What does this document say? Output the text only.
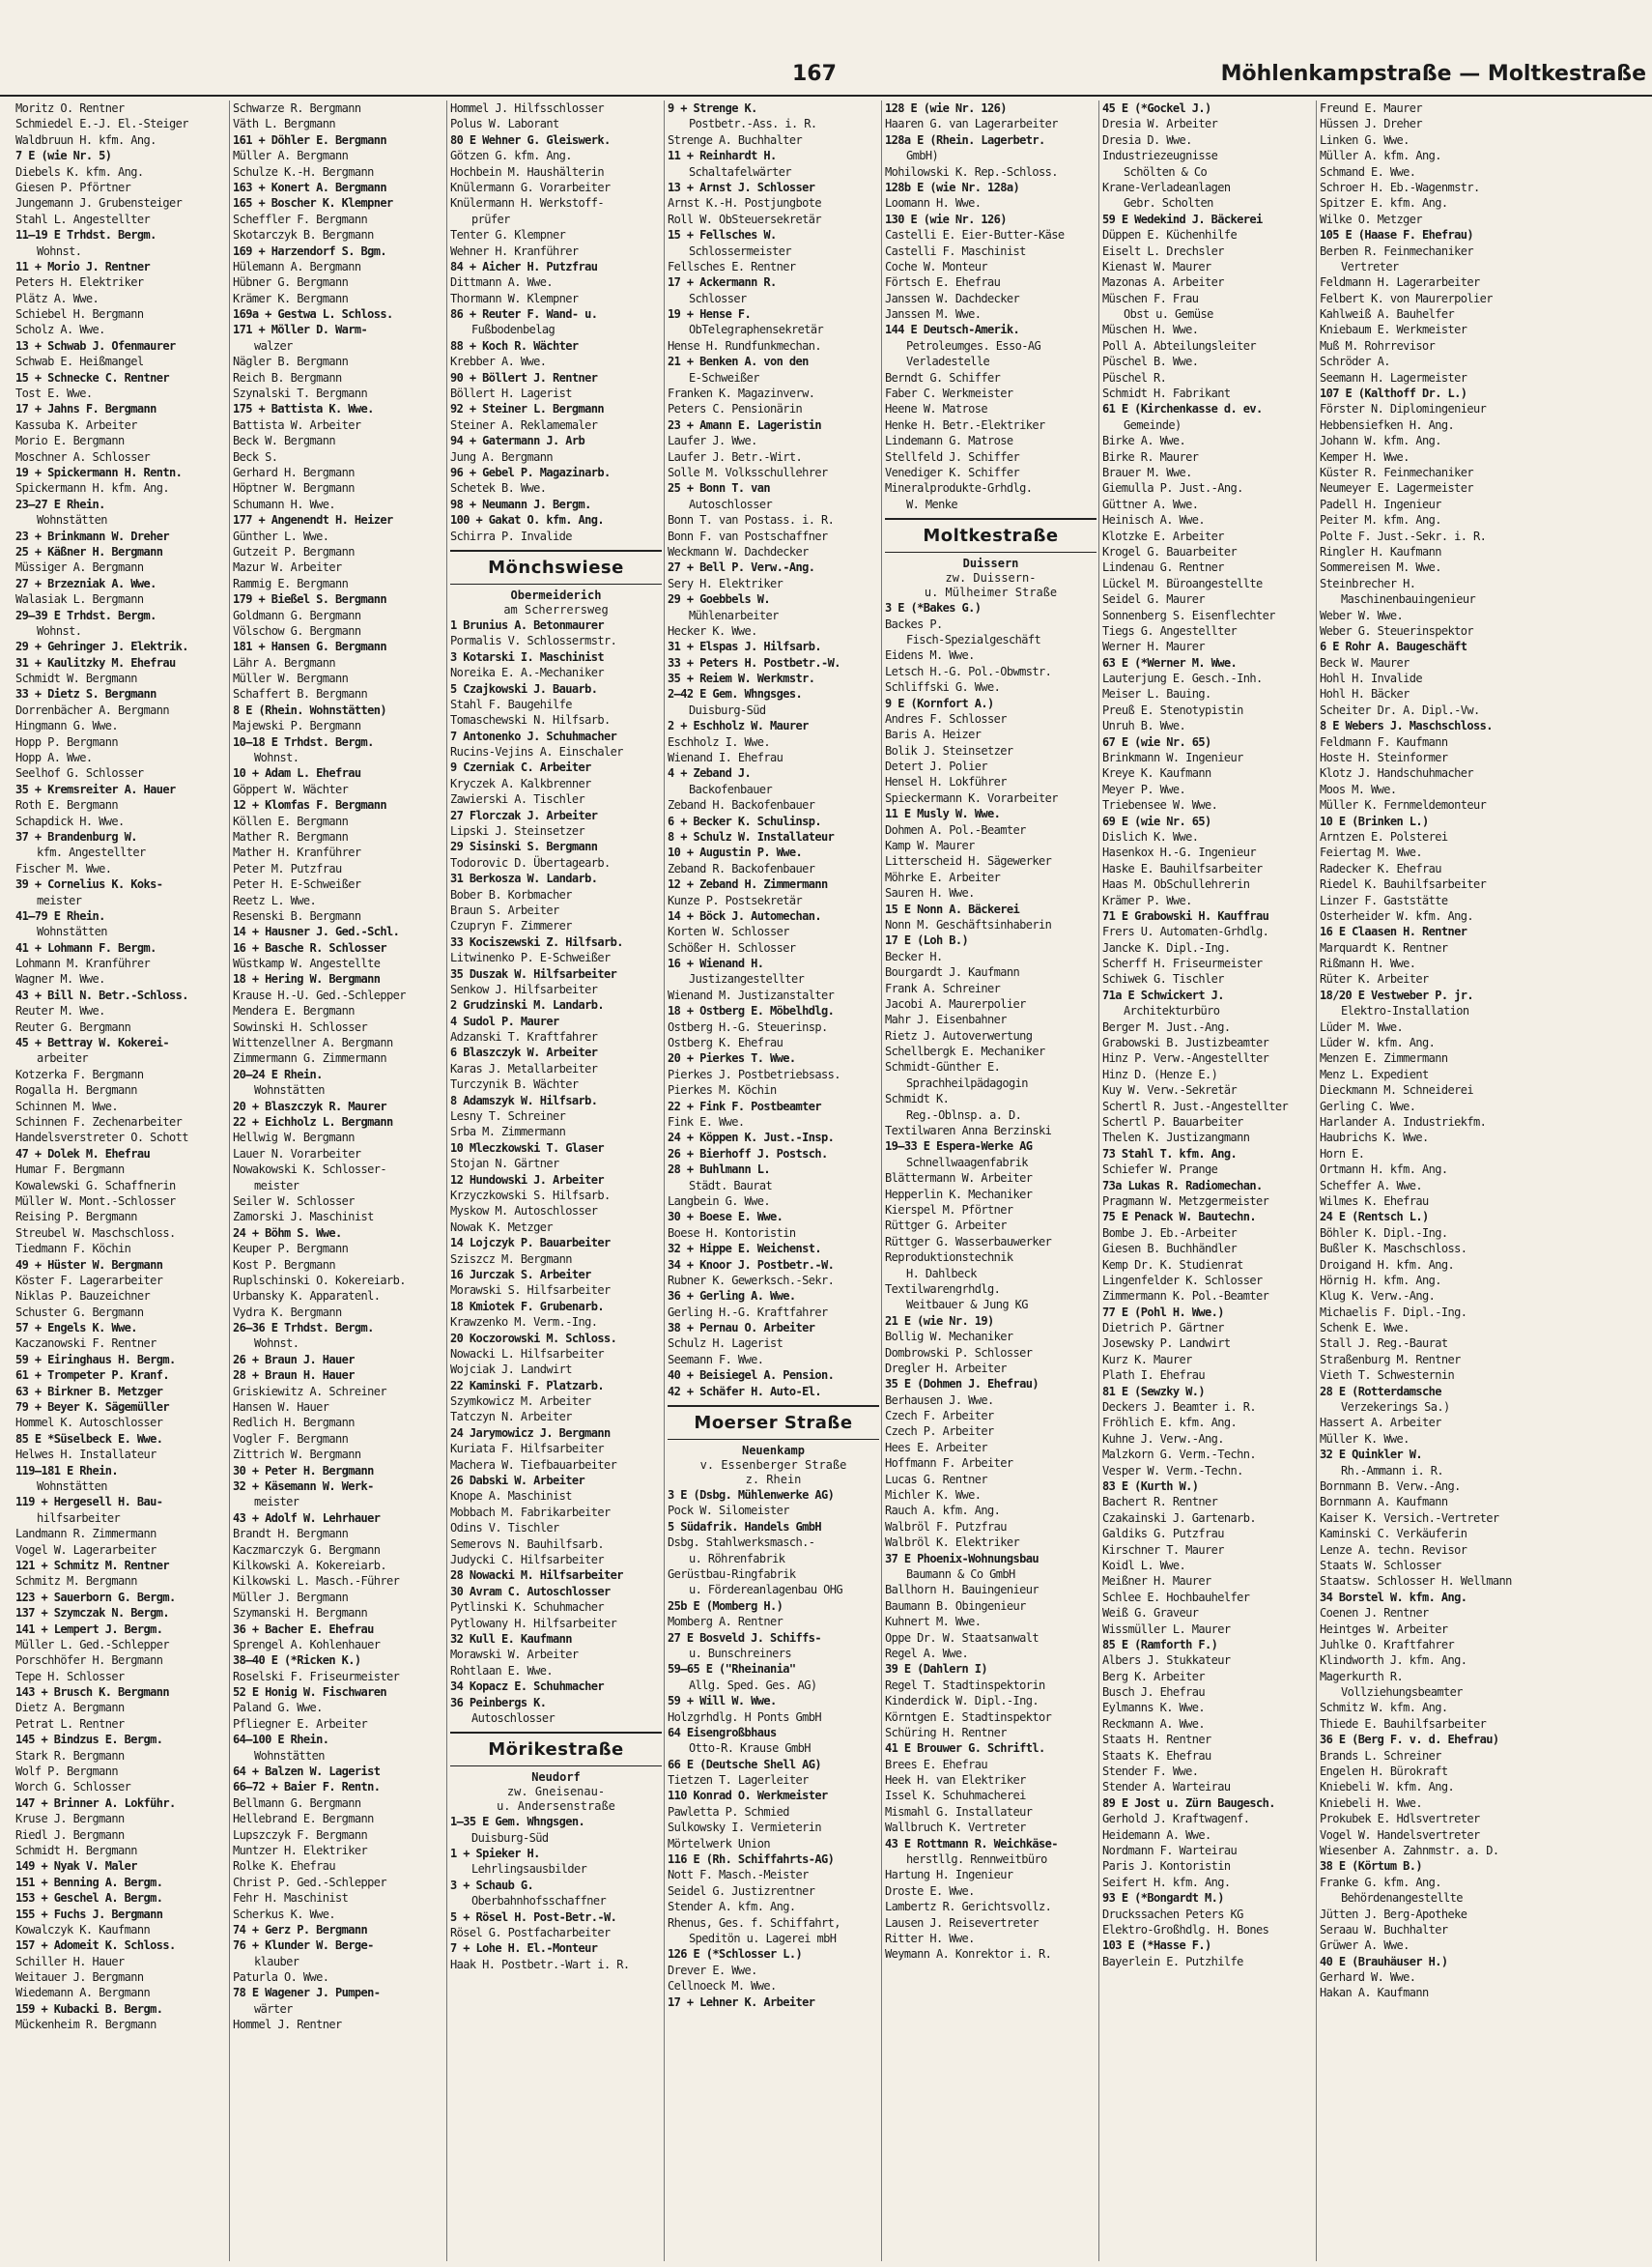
167	Möhlenkampstraße — Moltkestraße
Moritz O. Rentner
Schmiedel E.-J. El.-Steiger
Waldbruun H. kfm. Ang.
7 E (wie Nr. 5)
Diebels K. kfm. Ang.
Giesen P. Pförtner
Jungemann J. Grubensteiger
Stahl L. Angestellter
11—19 E Trhdst. Bergm.
Wohnst.
11 + Morio J. Rentner
Peters H. Elektriker
Plätz A. Wwe.
Schiebel H. Bergmann
Scholz A. Wwe.
13 + Schwab J. Ofenmaurer
Schwab E. Heißmangel
15 + Schnecke C. Rentner
Tost E. Wwe.
17 + Jahns F. Bergmann
Kassuba K. Arbeiter
Morio E. Bergmann
Moschner A. Schlosser
19 + Spickermann H. Rentn.
Spickermann H. kfm. Ang.
23—27 E Rhein.
Wohnstätten
23 + Brinkmann W. Dreher
25 + Käßner H. Bergmann
Müssiger A. Bergmann
27 + Brzezniak A. Wwe.
Walasiak L. Bergmann
29—39 E Trhdst. Bergm.
Wohnst.
29 + Gehringer J. Elektrik.
31 + Kaulitzky M. Ehefrau
Schmidt W. Bergmann
33 + Dietz S. Bergmann
Dorrenbächer A. Bergmann
Hingmann G. Wwe.
Hopp P. Bergmann
Hopp A. Wwe.
Seelhof G. Schlosser
35 + Kremsreiter A. Hauer
Roth E. Bergmann
Schapdick H. Wwe.
37 + Brandenburg W.
kfm. Angestellter
Fischer M. Wwe.
39 + Cornelius K. Koks-
meister
41—79 E Rhein.
Wohnstätten
41 + Lohmann F. Bergm.
Lohmann M. Kranführer
Wagner M. Wwe.
43 + Bill N. Betr.-Schloss.
Reuter M. Wwe.
Reuter G. Bergmann
45 + Bettray W. Kokerei-
arbeiter
Kotzerka F. Bergmann
Rogalla H. Bergmann
Schinnen M. Wwe.
Schinnen F. Zechenarbeiter
Handelsverstreter O. Schott
47 + Dolek M. Ehefrau
Humar F. Bergmann
Kowalewski G. Schaffnerin
Müller W. Mont.-Schlosser
Reising P. Bergmann
Streubel W. Maschschloss.
Tiedmann F. Köchin
49 + Hüster W. Bergmann
Köster F. Lagerarbeiter
Niklas P. Bauzeichner
Schuster G. Bergmann
57 + Engels K. Wwe.
Kaczanowski F. Rentner
59 + Eiringhaus H. Bergm.
61 + Trompeter P. Kranf.
63 + Birkner B. Metzger
79 + Beyer K. Sägemüller
Hommel K. Autoschlosser
85 E *Süselbeck E. Wwe.
Helwes H. Installateur
119—181 E Rhein.
Wohnstätten
119 + Hergesell H. Bau-
hilfsarbeiter
Landmann R. Zimmermann
Vogel W. Lagerarbeiter
121 + Schmitz M. Rentner
Schmitz M. Bergmann
123 + Sauerborn G. Bergm.
137 + Szymczak N. Bergm.
141 + Lempert J. Bergm.
Müller L. Ged.-Schlepper
Porschhöfer H. Bergmann
Tepe H. Schlosser
143 + Brusch K. Bergmann
Dietz A. Bergmann
Petrat L. Rentner
145 + Bindzus E. Bergm.
Stark R. Bergmann
Wolf P. Bergmann
Worch G. Schlosser
147 + Brinner A. Lokführ.
Kruse J. Bergmann
Riedl J. Bergmann
Schmidt H. Bergmann
149 + Nyak V. Maler
151 + Benning A. Bergm.
153 + Geschel A. Bergm.
155 + Fuchs J. Bergmann
Kowalczyk K. Kaufmann
157 + Adomeit K. Schloss.
Schiller H. Hauer
Weitauer J. Bergmann
Wiedemann A. Bergmann
159 + Kubacki B. Bergm.
Mückenheim R. Bergmann
Schwarze R. Bergmann
Väth L. Bergmann
161 + Döhler E. Bergmann
Müller A. Bergmann
Schulze K.-H. Bergmann
163 + Konert A. Bergmann
165 + Boscher K. Klempner
Scheffler F. Bergmann
Skotarczyk B. Bergmann
169 + Harzendorf S. Bgm.
Hülemann A. Bergmann
Hübner G. Bergmann
Krämer K. Bergmann
169a + Gestwa L. Schloss.
171 + Möller D. Warm-
walzer
Nägler B. Bergmann
Reich B. Bergmann
Szynalski T. Bergmann
175 + Battista K. Wwe.
Battista W. Arbeiter
Beck W. Bergmann
Beck S.
Gerhard H. Bergmann
Höptner W. Bergmann
Schumann H. Wwe.
177 + Angenendt H. Heizer
Günther L. Wwe.
Gutzeit P. Bergmann
Mazur W. Arbeiter
Rammig E. Bergmann
179 + Bießel S. Bergmann
Goldmann G. Bergmann
Völschow G. Bergmann
181 + Hansen G. Bergmann
Lähr A. Bergmann
Müller W. Bergmann
Schaffert B. Bergmann
8 E (Rhein. Wohnstätten)
Majewski P. Bergmann
10—18 E Trhdst. Bergm.
Wohnst.
10 + Adam L. Ehefrau
Göppert W. Wächter
12 + Klomfas F. Bergmann
Köllen E. Bergmann
Mather R. Bergmann
Mather H. Kranführer
Peter M. Putzfrau
Peter H. E-Schweißer
Reetz L. Wwe.
Resenski B. Bergmann
14 + Hausner J. Ged.-Schl.
16 + Basche R. Schlosser
Wüstkamp W. Angestellte
18 + Hering W. Bergmann
Krause H.-U. Ged.-Schlepper
Mendera E. Bergmann
Sowinski H. Schlosser
Wittenzellner A. Bergmann
Zimmermann G. Zimmermann
20—24 E Rhein.
Wohnstätten
20 + Blaszczyk R. Maurer
22 + Eichholz L. Bergmann
Hellwig W. Bergmann
Lauer N. Vorarbeiter
Nowakowski K. Schlosser-
meister
Seiler W. Schlosser
Zamorski J. Maschinist
24 + Böhm S. Wwe.
Keuper P. Bergmann
Kost P. Bergmann
Ruplschinski O. Kokereiarb.
Urbansky K. Apparatenl.
Vydra K. Bergmann
26—36 E Trhdst. Bergm.
Wohnst.
26 + Braun J. Hauer
28 + Braun H. Hauer
Griskiewitz A. Schreiner
Hansen W. Hauer
Redlich H. Bergmann
Vogler F. Bergmann
Zittrich W. Bergmann
30 + Peter H. Bergmann
32 + Käsemann W. Werk-
meister
43 + Adolf W. Lehrhauer
Brandt H. Bergmann
Kaczmarczyk G. Bergmann
Kilkowski A. Kokereiarb.
Kilkowski L. Masch.-Führer
Müller J. Bergmann
Szymanski H. Bergmann
36 + Bacher E. Ehefrau
Sprengel A. Kohlenhauer
38—40 E (*Ricken K.)
Roselski F. Friseurmeister
52 E Honig W. Fischwaren
Paland G. Wwe.
Pfliegner E. Arbeiter
64—100 E Rhein.
Wohnstätten
64 + Balzen W. Lagerist
66—72 + Baier F. Rentn.
Bellmann G. Bergmann
Hellebrand E. Bergmann
Lupszczyk F. Bergmann
Muntzer H. Elektriker
Rolke K. Ehefrau
Christ P. Ged.-Schlepper
Fehr H. Maschinist
Scherkus K. Wwe.
74 + Gerz P. Bergmann
76 + Klunder W. Berge-
klauber
Paturla O. Wwe.
78 E Wagener J. Pumpen-
wärter
Hommel J. Rentner
Hommel J. Hilfsschlosser
Polus W. Laborant
80 E Wehner G. Gleiswerk.
Götzen G. kfm. Ang.
Hochbein M. Haushälterin
Knülermann G. Vorarbeiter
Knülermann H. Werkstoff-
prüfer
Tenter G. Klempner
Wehner H. Kranführer
84 + Aicher H. Putzfrau
Dittmann A. Wwe.
Thormann W. Klempner
86 + Reuter F. Wand- u.
Fußbodenbelag
88 + Koch R. Wächter
Krebber A. Wwe.
90 + Böllert J. Rentner
Böllert H. Lagerist
92 + Steiner L. Bergmann
Steiner A. Reklamemaler
94 + Gatermann J. Arb
Jung A. Bergmann
96 + Gebel P. Magazinarb.
Schetek B. Wwe.
98 + Neumann J. Bergm.
100 + Gakat O. kfm. Ang.
Schirra P. Invalide
Mönchswiese
Obermeiderich
am Scherrersweg
1 Brunius A. Betonmaurer
Pormalis V. Schlossermstr.
3 Kotarski I. Maschinist
Noreika E. A.-Mechaniker
5 Czajkowski J. Bauarb.
Stahl F. Baugehilfe
Tomaschewski N. Hilfsarb.
7 Antonenko J. Schuhmacher
Rucins-Vejins A. Einschaler
9 Czerniak C. Arbeiter
Kryczek A. Kalkbrenner
Zawierski A. Tischler
27 Florczak J. Arbeiter
Lipski J. Steinsetzer
29 Sisinski S. Bergmann
Todorovic D. Übertagearb.
31 Berkosza W. Landarb.
Bober B. Korbmacher
Braun S. Arbeiter
Czupryn F. Zimmerer
33 Kociszewski Z. Hilfsarb.
Litwinenko P. E-Schweißer
35 Duszak W. Hilfsarbeiter
Senkow J. Hilfsarbeiter
2 Grudzinski M. Landarb.
4 Sudol P. Maurer
Adzanski T. Kraftfahrer
6 Blaszczyk W. Arbeiter
Karas J. Metallarbeiter
Turczynik B. Wächter
8 Adamszyk W. Hilfsarb.
Lesny T. Schreiner
Srba M. Zimmermann
10 Mleczkowski T. Glaser
Stojan N. Gärtner
12 Hundowski J. Arbeiter
Krzyczkowski S. Hilfsarb.
Myskow M. Autoschlosser
Nowak K. Metzger
14 Lojczyk P. Bauarbeiter
Sziszcz M. Bergmann
16 Jurczak S. Arbeiter
Morawski S. Hilfsarbeiter
18 Kmiotek F. Grubenarb.
Krawzenko M. Verm.-Ing.
20 Koczorowski M. Schloss.
Nowacki L. Hilfsarbeiter
Wojciak J. Landwirt
22 Kaminski F. Platzarb.
Szymkowicz M. Arbeiter
Tatczyn N. Arbeiter
24 Jarymowicz J. Bergmann
Kuriata F. Hilfsarbeiter
Machera W. Tiefbauarbeiter
26 Dabski W. Arbeiter
Knope A. Maschinist
Mobbach M. Fabrikarbeiter
Odins V. Tischler
Semerovs N. Bauhilfsarb.
Judycki C. Hilfsarbeiter
28 Nowacki M. Hilfsarbeiter
30 Avram C. Autoschlosser
Pytlinski K. Schuhmacher
Pytlowany H. Hilfsarbeiter
32 Kull E. Kaufmann
Morawski W. Arbeiter
Rohtlaan E. Wwe.
34 Kopacz E. Schuhmacher
36 Peinbergs K.
Autoschlosser
Mörikestraße
Neudorf
zw. Gneisenau-
u. Andersenstraße
1—35 E Gem. Whngsgen.
Duisburg-Süd
1 + Spieker H.
Lehrlingsausbilder
3 + Schaub G.
Oberbahnhofsschaffner
5 + Rösel H. Post-Betr.-W.
Rösel G. Postfacharbeiter
7 + Lohe H. El.-Monteur
Haak H. Postbetr.-Wart i. R.
9 + Strenge K.
Postbetr.-Ass. i. R.
Strenge A. Buchhalter
11 + Reinhardt H.
Schaltafelwärter
13 + Arnst J. Schlosser
Arnst K.-H. Postjungbote
Roll W. ObSteuersekretär
15 + Fellsches W.
Schlossermeister
Fellsches E. Rentner
17 + Ackermann R.
Schlosser
19 + Hense F.
ObTelegraphensekretär
Hense H. Rundfunkmechan.
21 + Benken A. von den
E-Schweißer
Franken K. Magazinverw.
Peters C. Pensionärin
23 + Amann E. Lageristin
Laufer J. Wwe.
Laufer J. Betr.-Wirt.
Solle M. Volksschullehrer
25 + Bonn T. van
Autoschlosser
Bonn T. van Postass. i. R.
Bonn F. van Postschaffner
Weckmann W. Dachdecker
27 + Bell P. Verw.-Ang.
Sery H. Elektriker
29 + Goebbels W.
Mühlenarbeiter
Hecker K. Wwe.
31 + Elspas J. Hilfsarb.
33 + Peters H. Postbetr.-W.
35 + Reiem W. Werkmstr.
2—42 E Gem. Whngsges.
Duisburg-Süd
2 + Eschholz W. Maurer
Eschholz I. Wwe.
Wienand I. Ehefrau
4 + Zeband J.
Backofenbauer
Zeband H. Backofenbauer
6 + Becker K. Schulinsp.
8 + Schulz W. Installateur
10 + Augustin P. Wwe.
Zeband R. Backofenbauer
12 + Zeband H. Zimmermann
Kunze P. Postsekretär
14 + Böck J. Automechan.
Korten W. Schlosser
Schößer H. Schlosser
16 + Wienand H.
Justizangestellter
Wienand M. Justizanstalter
18 + Ostberg E. Möbelhdlg.
Ostberg H.-G. Steuerinsp.
Ostberg K. Ehefrau
20 + Pierkes T. Wwe.
Pierkes J. Postbetriebsass.
Pierkes M. Köchin
22 + Fink F. Postbeamter
Fink E. Wwe.
24 + Köppen K. Just.-Insp.
26 + Bierhoff J. Postsch.
28 + Buhlmann L.
Städt. Baurat
Langbein G. Wwe.
30 + Boese E. Wwe.
Boese H. Kontoristin
32 + Hippe E. Weichenst.
34 + Knoor J. Postbetr.-W.
Rubner K. Gewerksch.-Sekr.
36 + Gerling A. Wwe.
Gerling H.-G. Kraftfahrer
38 + Pernau O. Arbeiter
Schulz H. Lagerist
Seemann F. Wwe.
40 + Beisiegel A. Pension.
42 + Schäfer H. Auto-El.
Moerser Straße
Neuenkamp
v. Essenberger Straße
z. Rhein
3 E (Dsbg. Mühlenwerke AG)
Pock W. Silomeister
5 Südafrik. Handels GmbH
Dsbg. Stahlwerksmasch.-
u. Röhrenfabrik
Gerüstbau-Ringfabrik
u. Fördereanlagenbau OHG
25b E (Momberg H.)
Momberg A. Rentner
27 E Bosveld J. Schiffs-
u. Bunschreiners
59—65 E ("Rheinania"
Allg. Sped. Ges. AG)
59 + Will W. Wwe.
Holzgrhdlg. H Ponts GmbH
64 Eisengroßbhaus
Otto-R. Krause GmbH
66 E (Deutsche Shell AG)
Tietzen T. Lagerleiter
110 Konrad O. Werkmeister
Pawletta P. Schmied
Sulkowsky I. Vermieterin
Mörtelwerk Union
116 E (Rh. Schiffahrts-AG)
Nott F. Masch.-Meister
Seidel G. Justizrentner
Stender A. kfm. Ang.
Rhenus, Ges. f. Schiffahrt,
Speditön u. Lagerei mbH
126 E (*Schlosser L.)
Drever E. Wwe.
Cellnoeck M. Wwe.
17 + Lehner K. Arbeiter
128 E (wie Nr. 126)
Haaren G. van Lagerarbeiter
128a E (Rhein. Lagerbetr.
GmbH)
Mohilowski K. Rep.-Schloss.
128b E (wie Nr. 128a)
Loomann H. Wwe.
130 E (wie Nr. 126)
Castelli E. Eier-Butter-Käse
Castelli F. Maschinist
Coche W. Monteur
Förtsch E. Ehefrau
Janssen W. Dachdecker
Janssen M. Wwe.
144 E Deutsch-Amerik.
Petroleumges. Esso-AG
Verladestelle
Berndt G. Schiffer
Faber C. Werkmeister
Heene W. Matrose
Henke H. Betr.-Elektriker
Lindemann G. Matrose
Stellfeld J. Schiffer
Venediger K. Schiffer
Mineralprodukte-Grhdlg.
W. Menke
Moltkestraße
Duissern
zw. Duissern-
u. Mülheimer Straße
3 E (*Bakes G.)
Backes P.
Fisch-Spezialgeschäft
Eidens M. Wwe.
Letsch H.-G. Pol.-Obwmstr.
Schliffski G. Wwe.
9 E (Kornfort A.)
Andres F. Schlosser
Baris A. Heizer
Bolik J. Steinsetzer
Detert J. Polier
Hensel H. Lokführer
Spieckermann K. Vorarbeiter
11 E Musly W. Wwe.
Dohmen A. Pol.-Beamter
Kamp W. Maurer
Litterscheid H. Sägewerker
Möhrke E. Arbeiter
Sauren H. Wwe.
15 E Nonn A. Bäckerei
Nonn M. Geschäftsinhaberin
17 E (Loh B.)
Becker H.
Bourgardt J. Kaufmann
Frank A. Schreiner
Jacobi A. Maurerpolier
Mahr J. Eisenbahner
Rietz J. Autoverwertung
Schellbergk E. Mechaniker
Schmidt-Günther E.
Sprachheilpädagogin
Schmidt K.
Reg.-Oblnsp. a. D.
Textilwaren Anna Berzinski
19—33 E Espera-Werke AG
Schnellwaagenfabrik
Blättermann W. Arbeiter
Hepperlin K. Mechaniker
Kierspel M. Pförtner
Rüttger G. Arbeiter
Rüttger G. Wasserbauwerker
Reproduktionstechnik
H. Dahlbeck
Textilwarengrhdlg.
Weitbauer & Jung KG
21 E (wie Nr. 19)
Bollig W. Mechaniker
Dombrowski P. Schlosser
Dregler H. Arbeiter
35 E (Dohmen J. Ehefrau)
Berhausen J. Wwe.
Czech F. Arbeiter
Czech P. Arbeiter
Hees E. Arbeiter
Hoffmann F. Arbeiter
Lucas G. Rentner
Michler K. Wwe.
Rauch A. kfm. Ang.
Walbröl F. Putzfrau
Walbröl K. Elektriker
37 E Phoenix-Wohnungsbau
Baumann & Co GmbH
Ballhorn H. Bauingenieur
Baumann B. Obingenieur
Kuhnert M. Wwe.
Oppe Dr. W. Staatsanwalt
Regel A. Wwe.
39 E (Dahlern I)
Regel T. Stadtinspektorin
Kinderdick W. Dipl.-Ing.
Körntgen E. Stadtinspektor
Schüring H. Rentner
41 E Brouwer G. Schriftl.
Brees E. Ehefrau
Heek H. van Elektriker
Issel K. Schuhmacherei
Mismahl G. Installateur
Wallbruch K. Vertreter
43 E Rottmann R. Weichkäse-
herstllg. Rennweitbüro
Hartung H. Ingenieur
Droste E. Wwe.
Lambertz R. Gerichtsvollz.
Lausen J. Reisevertreter
Ritter H. Wwe.
Weymann A. Konrektor i. R.
45 E (*Gockel J.)
Dresia W. Arbeiter
Dresia D. Wwe.
Industriezeugnisse
Schölten & Co
Krane-Verladeanlagen
Gebr. Scholten
59 E Wedekind J. Bäckerei
Düppen E. Küchenhilfe
Eiselt L. Drechsler
Kienast W. Maurer
Mazonas A. Arbeiter
Müschen F. Frau
Obst u. Gemüse
Müschen H. Wwe.
Poll A. Abteilungsleiter
Püschel B. Wwe.
Püschel R.
Schmidt H. Fabrikant
61 E (Kirchenkasse d. ev.
Gemeinde)
Birke A. Wwe.
Birke R. Maurer
Brauer M. Wwe.
Giemulla P. Just.-Ang.
Güttner A. Wwe.
Heinisch A. Wwe.
Klotzke E. Arbeiter
Krogel G. Bauarbeiter
Lindenau G. Rentner
Lückel M. Büroangestellte
Seidel G. Maurer
Sonnenberg S. Eisenflechter
Tiegs G. Angestellter
Werner H. Maurer
63 E (*Werner M. Wwe.
Lauterjung E. Gesch.-Inh.
Meiser L. Bauing.
Preuß E. Stenotypistin
Unruh B. Wwe.
67 E (wie Nr. 65)
Brinkmann W. Ingenieur
Kreye K. Kaufmann
Meyer P. Wwe.
Triebensee W. Wwe.
69 E (wie Nr. 65)
Dislich K. Wwe.
Hasenkox H.-G. Ingenieur
Haske E. Bauhilfsarbeiter
Haas M. ObSchullehrerin
Krämer P. Wwe.
71 E Grabowski H. Kauffrau
Frers U. Automaten-Grhdlg.
Jancke K. Dipl.-Ing.
Scherff H. Friseurmeister
Schiwek G. Tischler
71a E Schwickert J.
Architekturbüro
Berger M. Just.-Ang.
Grabowski B. Justizbeamter
Hinz P. Verw.-Angestellter
Hinz D. (Henze E.)
Kuy W. Verw.-Sekretär
Schertl R. Just.-Angestellter
Schertl P. Bauarbeiter
Thelen K. Justizangmann
73 Stahl T. kfm. Ang.
Schiefer W. Prange
73a Lukas R. Radiomechan.
Pragmann W. Metzgermeister
75 E Penack W. Bautechn.
Bombe J. Eb.-Arbeiter
Giesen B. Buchhändler
Kemp Dr. K. Studienrat
Lingenfelder K. Schlosser
Zimmermann K. Pol.-Beamter
77 E (Pohl H. Wwe.)
Dietrich P. Gärtner
Josewsky P. Landwirt
Kurz K. Maurer
Plath I. Ehefrau
81 E (Sewzky W.)
Deckers J. Beamter i. R.
Fröhlich E. kfm. Ang.
Kuhne J. Verw.-Ang.
Malzkorn G. Verm.-Techn.
Vesper W. Verm.-Techn.
83 E (Kurth W.)
Bachert R. Rentner
Czakainski J. Gartenarb.
Galdiks G. Putzfrau
Kirschner T. Maurer
Koidl L. Wwe.
Meißner H. Maurer
Schlee E. Hochbauhelfer
Weiß G. Graveur
Wissmüller L. Maurer
85 E (Ramforth F.)
Albers J. Stukkateur
Berg K. Arbeiter
Busch J. Ehefrau
Eylmanns K. Wwe.
Reckmann A. Wwe.
Staats H. Rentner
Staats K. Ehefrau
Stender F. Wwe.
Stender A. Warteirau
89 E Jost u. Zürn Baugesch.
Gerhold J. Kraftwagenf.
Heidemann A. Wwe.
Nordmann F. Warteirau
Paris J. Kontoristin
Seifert H. kfm. Ang.
93 E (*Bongardt M.)
Druckssachen Peters KG
Elektro-Großhdlg. H. Bones
103 E (*Hasse F.)
Bayerlein E. Putzhilfe
Freund E. Maurer
Hüssen J. Dreher
Linken G. Wwe.
Müller A. kfm. Ang.
Schmand E. Wwe.
Schroer H. Eb.-Wagenmstr.
Spitzer E. kfm. Ang.
Wilke O. Metzger
105 E (Haase F. Ehefrau)
Berben R. Feinmechaniker
Vertreter
Feldmann H. Lagerarbeiter
Felbert K. von Maurerpolier
Kahlweiß A. Bauhelfer
Kniebaum E. Werkmeister
Muß M. Rohrrevisor
Schröder A.
Seemann H. Lagermeister
107 E (Kalthoff Dr. L.)
Förster N. Diplomingenieur
Hebbensiefken H. Ang.
Johann W. kfm. Ang.
Kemper H. Wwe.
Küster R. Feinmechaniker
Neumeyer E. Lagermeister
Padell H. Ingenieur
Peiter M. kfm. Ang.
Polte F. Just.-Sekr. i. R.
Ringler H. Kaufmann
Sommereisen M. Wwe.
Steinbrecher H.
Maschinenbauingenieur
Weber W. Wwe.
Weber G. Steuerinspektor
6 E Rohr A. Baugeschäft
Beck W. Maurer
Hohl H. Invalide
Hohl H. Bäcker
Scheiter Dr. A. Dipl.-Vw.
8 E Webers J. Maschschloss.
Feldmann F. Kaufmann
Hoste H. Steinformer
Klotz J. Handschuhmacher
Moos M. Wwe.
Müller K. Fernmeldemonteur
10 E (Brinken L.)
Arntzen E. Polsterei
Feiertag M. Wwe.
Radecker K. Ehefrau
Riedel K. Bauhilfsarbeiter
Linzer F. Gaststätte
Osterheider W. kfm. Ang.
16 E Claasen H. Rentner
Marquardt K. Rentner
Rißmann H. Wwe.
Rüter K. Arbeiter
18/20 E Vestweber P. jr.
Elektro-Installation
Lüder M. Wwe.
Lüder W. kfm. Ang.
Menzen E. Zimmermann
Menz L. Expedient
Dieckmann M. Schneiderei
Gerling C. Wwe.
Harlander A. Industriekfm.
Haubrichs K. Wwe.
Horn E.
Ortmann H. kfm. Ang.
Scheffer A. Wwe.
Wilmes K. Ehefrau
24 E (Rentsch L.)
Böhler K. Dipl.-Ing.
Bußler K. Maschschloss.
Droigand H. kfm. Ang.
Hörnig H. kfm. Ang.
Klug K. Verw.-Ang.
Michaelis F. Dipl.-Ing.
Schenk E. Wwe.
Stall J. Reg.-Baurat
Straßenburg M. Rentner
Vieth T. Schwesternin
28 E (Rotterdamsche
Verzekerings Sa.)
Hassert A. Arbeiter
Müller K. Wwe.
32 E Quinkler W.
Rh.-Ammann i. R.
Bornmann B. Verw.-Ang.
Bornmann A. Kaufmann
Kaiser K. Versich.-Vertreter
Kaminski C. Verkäuferin
Lenze A. techn. Revisor
Staats W. Schlosser
Staatsw. Schlosser H. Wellmann
34 Borstel W. kfm. Ang.
Coenen J. Rentner
Heintges W. Arbeiter
Juhlke O. Kraftfahrer
Klindworth J. kfm. Ang.
Magerkurth R.
Vollziehungsbeamter
Schmitz W. kfm. Ang.
Thiede E. Bauhilfsarbeiter
36 E (Berg F. v. d. Ehefrau)
Brands L. Schreiner
Engelen H. Bürokraft
Kniebeli W. kfm. Ang.
Kniebeli H. Wwe.
Prokubek E. Hdlsvertreter
Vogel W. Handelsvertreter
Wiesenber A. Zahnmstr. a. D.
38 E (Körtum B.)
Franke G. kfm. Ang.
Behördenangestellte
Jütten J. Berg-Apotheke
Seraau W. Buchhalter
Grüwer A. Wwe.
40 E (Brauhäuser H.)
Gerhard W. Wwe.
Hakan A. Kaufmann
